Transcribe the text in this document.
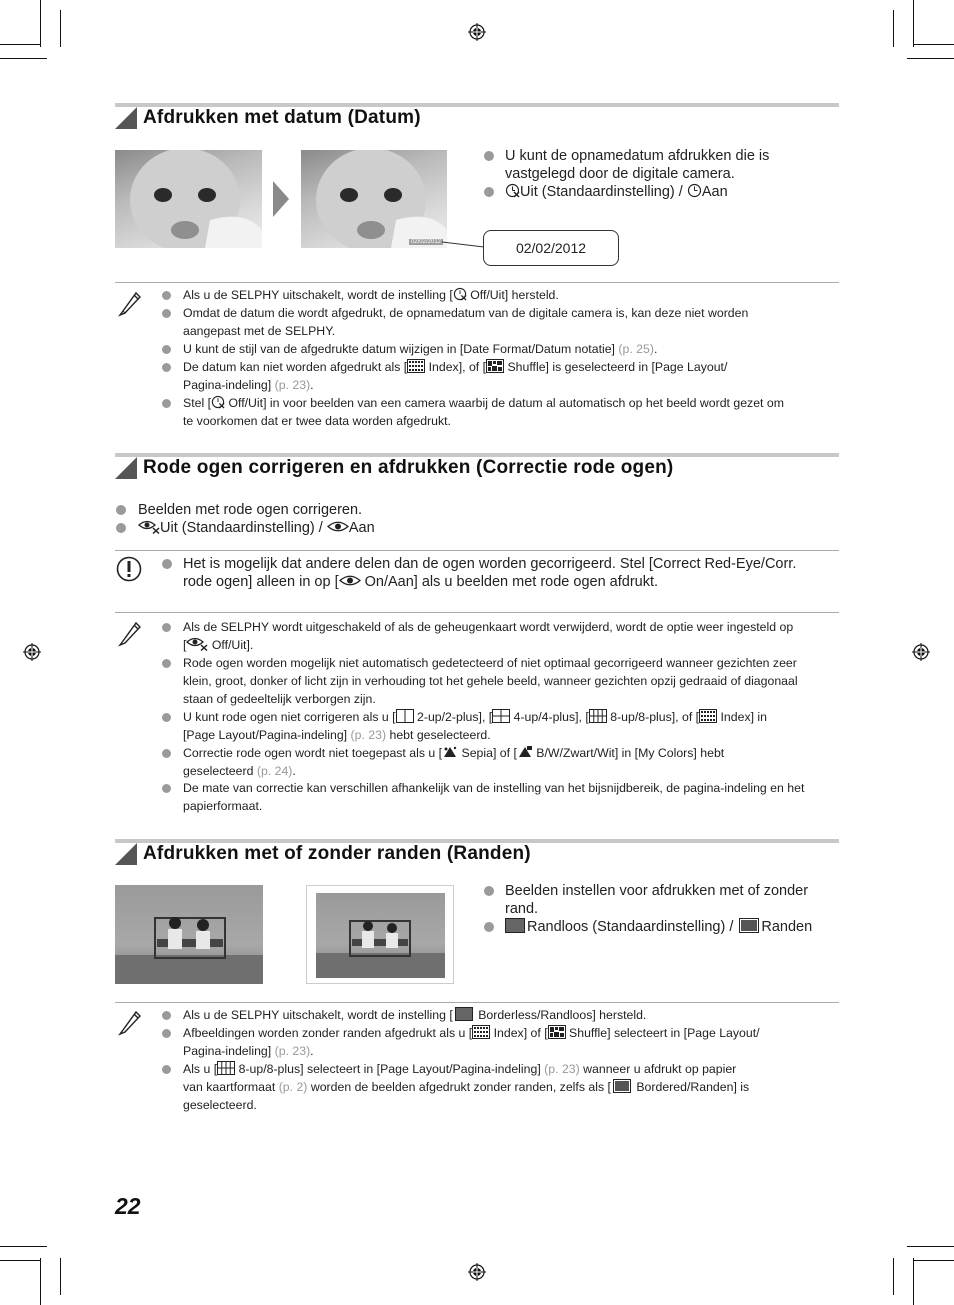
Afdrukken met datum (Datum)
02/02/2012	02/02/2012
U kunt de opnamedatum afdrukken die is vastgelegd door de digitale camera.
Uit (Standaardinstelling) / Aan
Als u de SELPHY uitschakelt, wordt de instelling [ Off/Uit] hersteld.
Omdat de datum die wordt afgedrukt, de opnamedatum van de digitale camera is, kan deze niet worden aangepast met de SELPHY.
U kunt de stijl van de afgedrukte datum wijzigen in [Date Format/Datum notatie] (p. 25).
De datum kan niet worden afgedrukt als [ Index], of [ Shuffle] is geselecteerd in [Page Layout/
Pagina-indeling] (p. 23).
Stel [ Off/Uit] in voor beelden van een camera waarbij de datum al automatisch op het beeld wordt gezet om
te voorkomen dat er twee data worden afgedrukt.
Rode ogen corrigeren en afdrukken (Correctie rode ogen)
Beelden met rode ogen corrigeren.
Uit (Standaardinstelling) / Aan
Het is mogelijk dat andere delen dan de ogen worden gecorrigeerd. Stel [Correct Red-Eye/Corr.
rode ogen] alleen in op [ On/Aan] als u beelden met rode ogen afdrukt.
Als de SELPHY wordt uitgeschakeld of als de geheugenkaart wordt verwijderd, wordt de optie weer ingesteld op
[ Off/Uit].
Rode ogen worden mogelijk niet automatisch gedetecteerd of niet optimaal gecorrigeerd wanneer gezichten zeer klein, groot, donker of licht zijn in verhouding tot het gehele beeld, wanneer gezichten opzij gedraaid of diagonaal staan of gedeeltelijk verborgen zijn.
U kunt rode ogen niet corrigeren als u [ 2-up/2-plus], [ 4-up/4-plus], [ 8-up/8-plus], of [ Index] in
[Page Layout/Pagina-indeling] (p. 23) hebt geselecteerd.
Correctie rode ogen wordt niet toegepast als u [ Sepia] of [ B/W/Zwart/Wit] in [My Colors] hebt
geselecteerd (p. 24).
De mate van correctie kan verschillen afhankelijk van de instelling van het bijsnijdbereik, de pagina-indeling en het papierformaat.
Afdrukken met of zonder randen (Randen)
Beelden instellen voor afdrukken met of zonder rand.
Randloos (Standaardinstelling) / Randen
Als u de SELPHY uitschakelt, wordt de instelling [ Borderless/Randloos] hersteld.
Afbeeldingen worden zonder randen afgedrukt als u [ Index] of [ Shuffle] selecteert in [Page Layout/
Pagina-indeling] (p. 23).
Als u [ 8-up/8-plus] selecteert in [Page Layout/Pagina-indeling] (p. 23) wanneer u afdrukt op papier
van kaartformaat (p. 2) worden de beelden afgedrukt zonder randen, zelfs als [ Bordered/Randen] is
geselecteerd.
22
